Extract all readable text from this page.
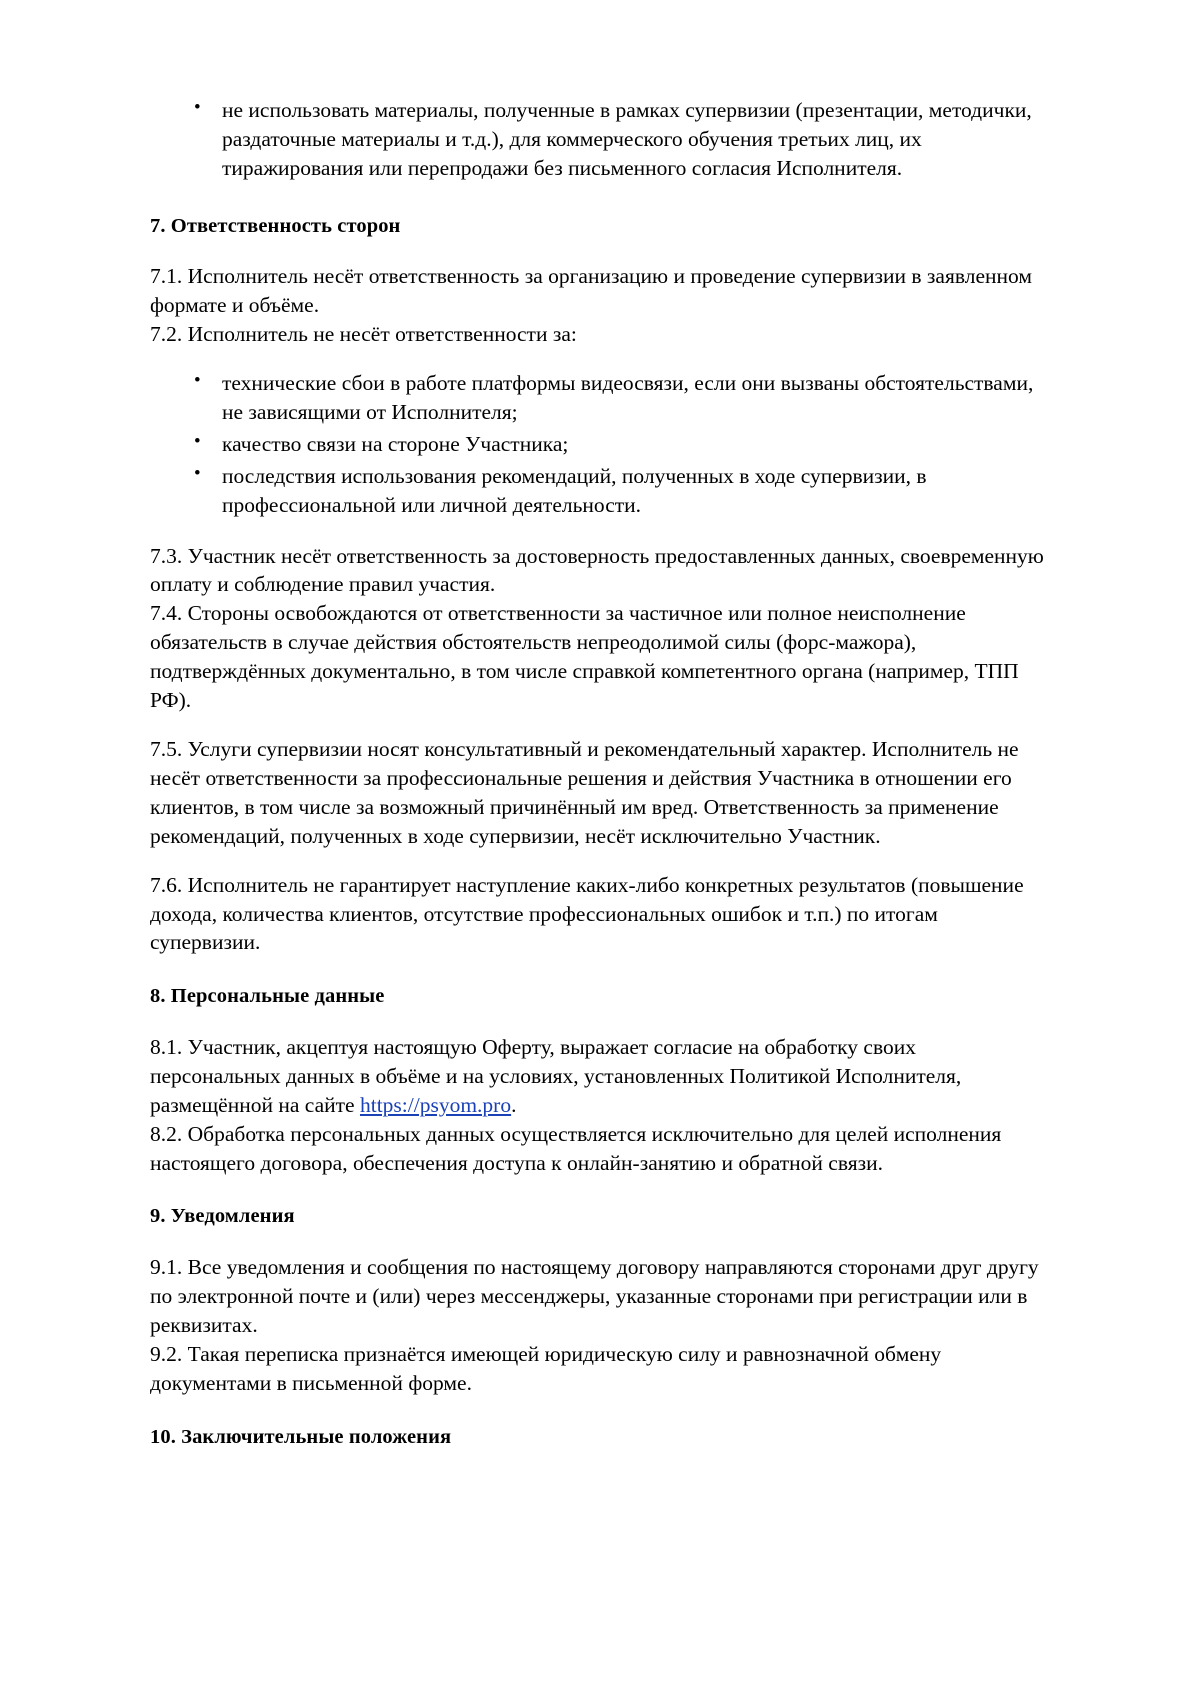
• не использовать материалы, полученные в рамках супервизии (презентации, методички, раздаточные материалы и т.д.), для коммерческого обучения третьих лиц, их тиражирования или перепродажи без письменного согласия Исполнителя.

7. Ответственность сторон

7.1. Исполнитель несёт ответственность за организацию и проведение супервизии в заявленном формате и объёме.

7.2. Исполнитель не несёт ответственности за:

• технические сбои в работе платформы видеосвязи, если они вызваны обстоятельствами, не зависящими от Исполнителя;
• качество связи на стороне Участника;
• последствия использования рекомендаций, полученных в ходе супервизии, в профессиональной или личной деятельности.

7.3. Участник несёт ответственность за достоверность предоставленных данных, своевременную оплату и соблюдение правил участия.

7.4. Стороны освобождаются от ответственности за частичное или полное неисполнение обязательств в случае действия обстоятельств непреодолимой силы (форс-мажора), подтверждённых документально, в том числе справкой компетентного органа (например, ТПП РФ).

7.5. Услуги супервизии носят консультативный и рекомендательный характер. Исполнитель не несёт ответственности за профессиональные решения и действия Участника в отношении его клиентов, в том числе за возможный причинённый им вред. Ответственность за применение рекомендаций, полученных в ходе супервизии, несёт исключительно Участник.

7.6. Исполнитель не гарантирует наступление каких-либо конкретных результатов (повышение дохода, количества клиентов, отсутствие профессиональных ошибок и т.п.) по итогам супервизии.

8. Персональные данные

8.1. Участник, акцептуя настоящую Оферту, выражает согласие на обработку своих персональных данных в объёме и на условиях, установленных Политикой Исполнителя, размещённой на сайте https://psyom.pro.

8.2. Обработка персональных данных осуществляется исключительно для целей исполнения настоящего договора, обеспечения доступа к онлайн-занятию и обратной связи.

9. Уведомления

9.1. Все уведомления и сообщения по настоящему договору направляются сторонами друг другу по электронной почте и (или) через мессенджеры, указанные сторонами при регистрации или в реквизитах.

9.2. Такая переписка признаётся имеющей юридическую силу и равнозначной обмену документами в письменной форме.

10. Заключительные положения
